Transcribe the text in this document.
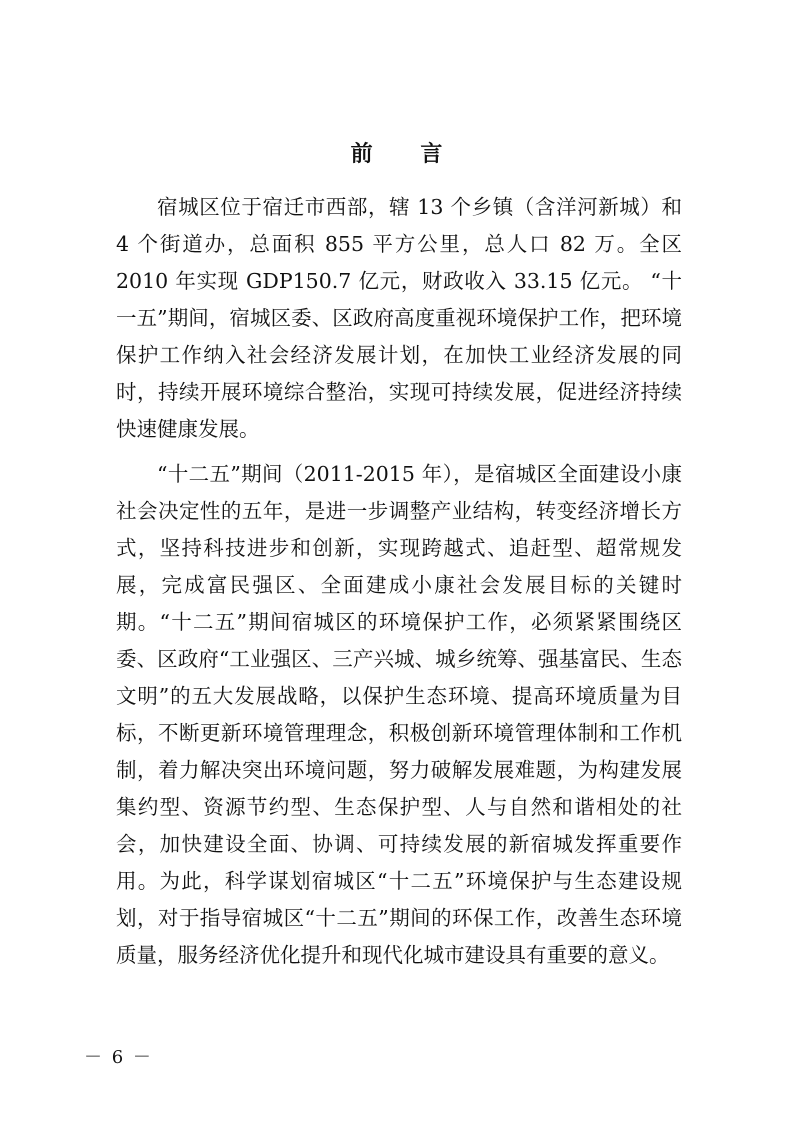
前 言

宿城区位于宿迁市西部，辖 13 个乡镇（含洋河新城）和 4 个街道办，总面积 855 平方公里，总人口 82 万。全区 2010 年实现 GDP150.7 亿元，财政收入 33.15 亿元。 “十一五”期间，宿城区委、区政府高度重视环境保护工作，把环境保护工作纳入社会经济发展计划，在加快工业经济发展的同时，持续开展环境综合整治，实现可持续发展，促进经济持续快速健康发展。

“十二五”期间（2011-2015 年），是宿城区全面建设小康社会决定性的五年，是进一步调整产业结构，转变经济增长方式，坚持科技进步和创新，实现跨越式、追赶型、超常规发展，完成富民强区、全面建成小康社会发展目标的关键时期。“十二五”期间宿城区的环境保护工作，必须紧紧围绕区委、区政府“工业强区、三产兴城、城乡统筹、强基富民、生态文明”的五大发展战略，以保护生态环境、提高环境质量为目标，不断更新环境管理理念，积极创新环境管理体制和工作机制，着力解决突出环境问题，努力破解发展难题，为构建发展集约型、资源节约型、生态保护型、人与自然和谐相处的社会，加快建设全面、协调、可持续发展的新宿城发挥重要作用。为此，科学谋划宿城区“十二五”环境保护与生态建设规划，对于指导宿城区“十二五”期间的环保工作，改善生态环境质量，服务经济优化提升和现代化城市建设具有重要的意义。

－ 6 －
